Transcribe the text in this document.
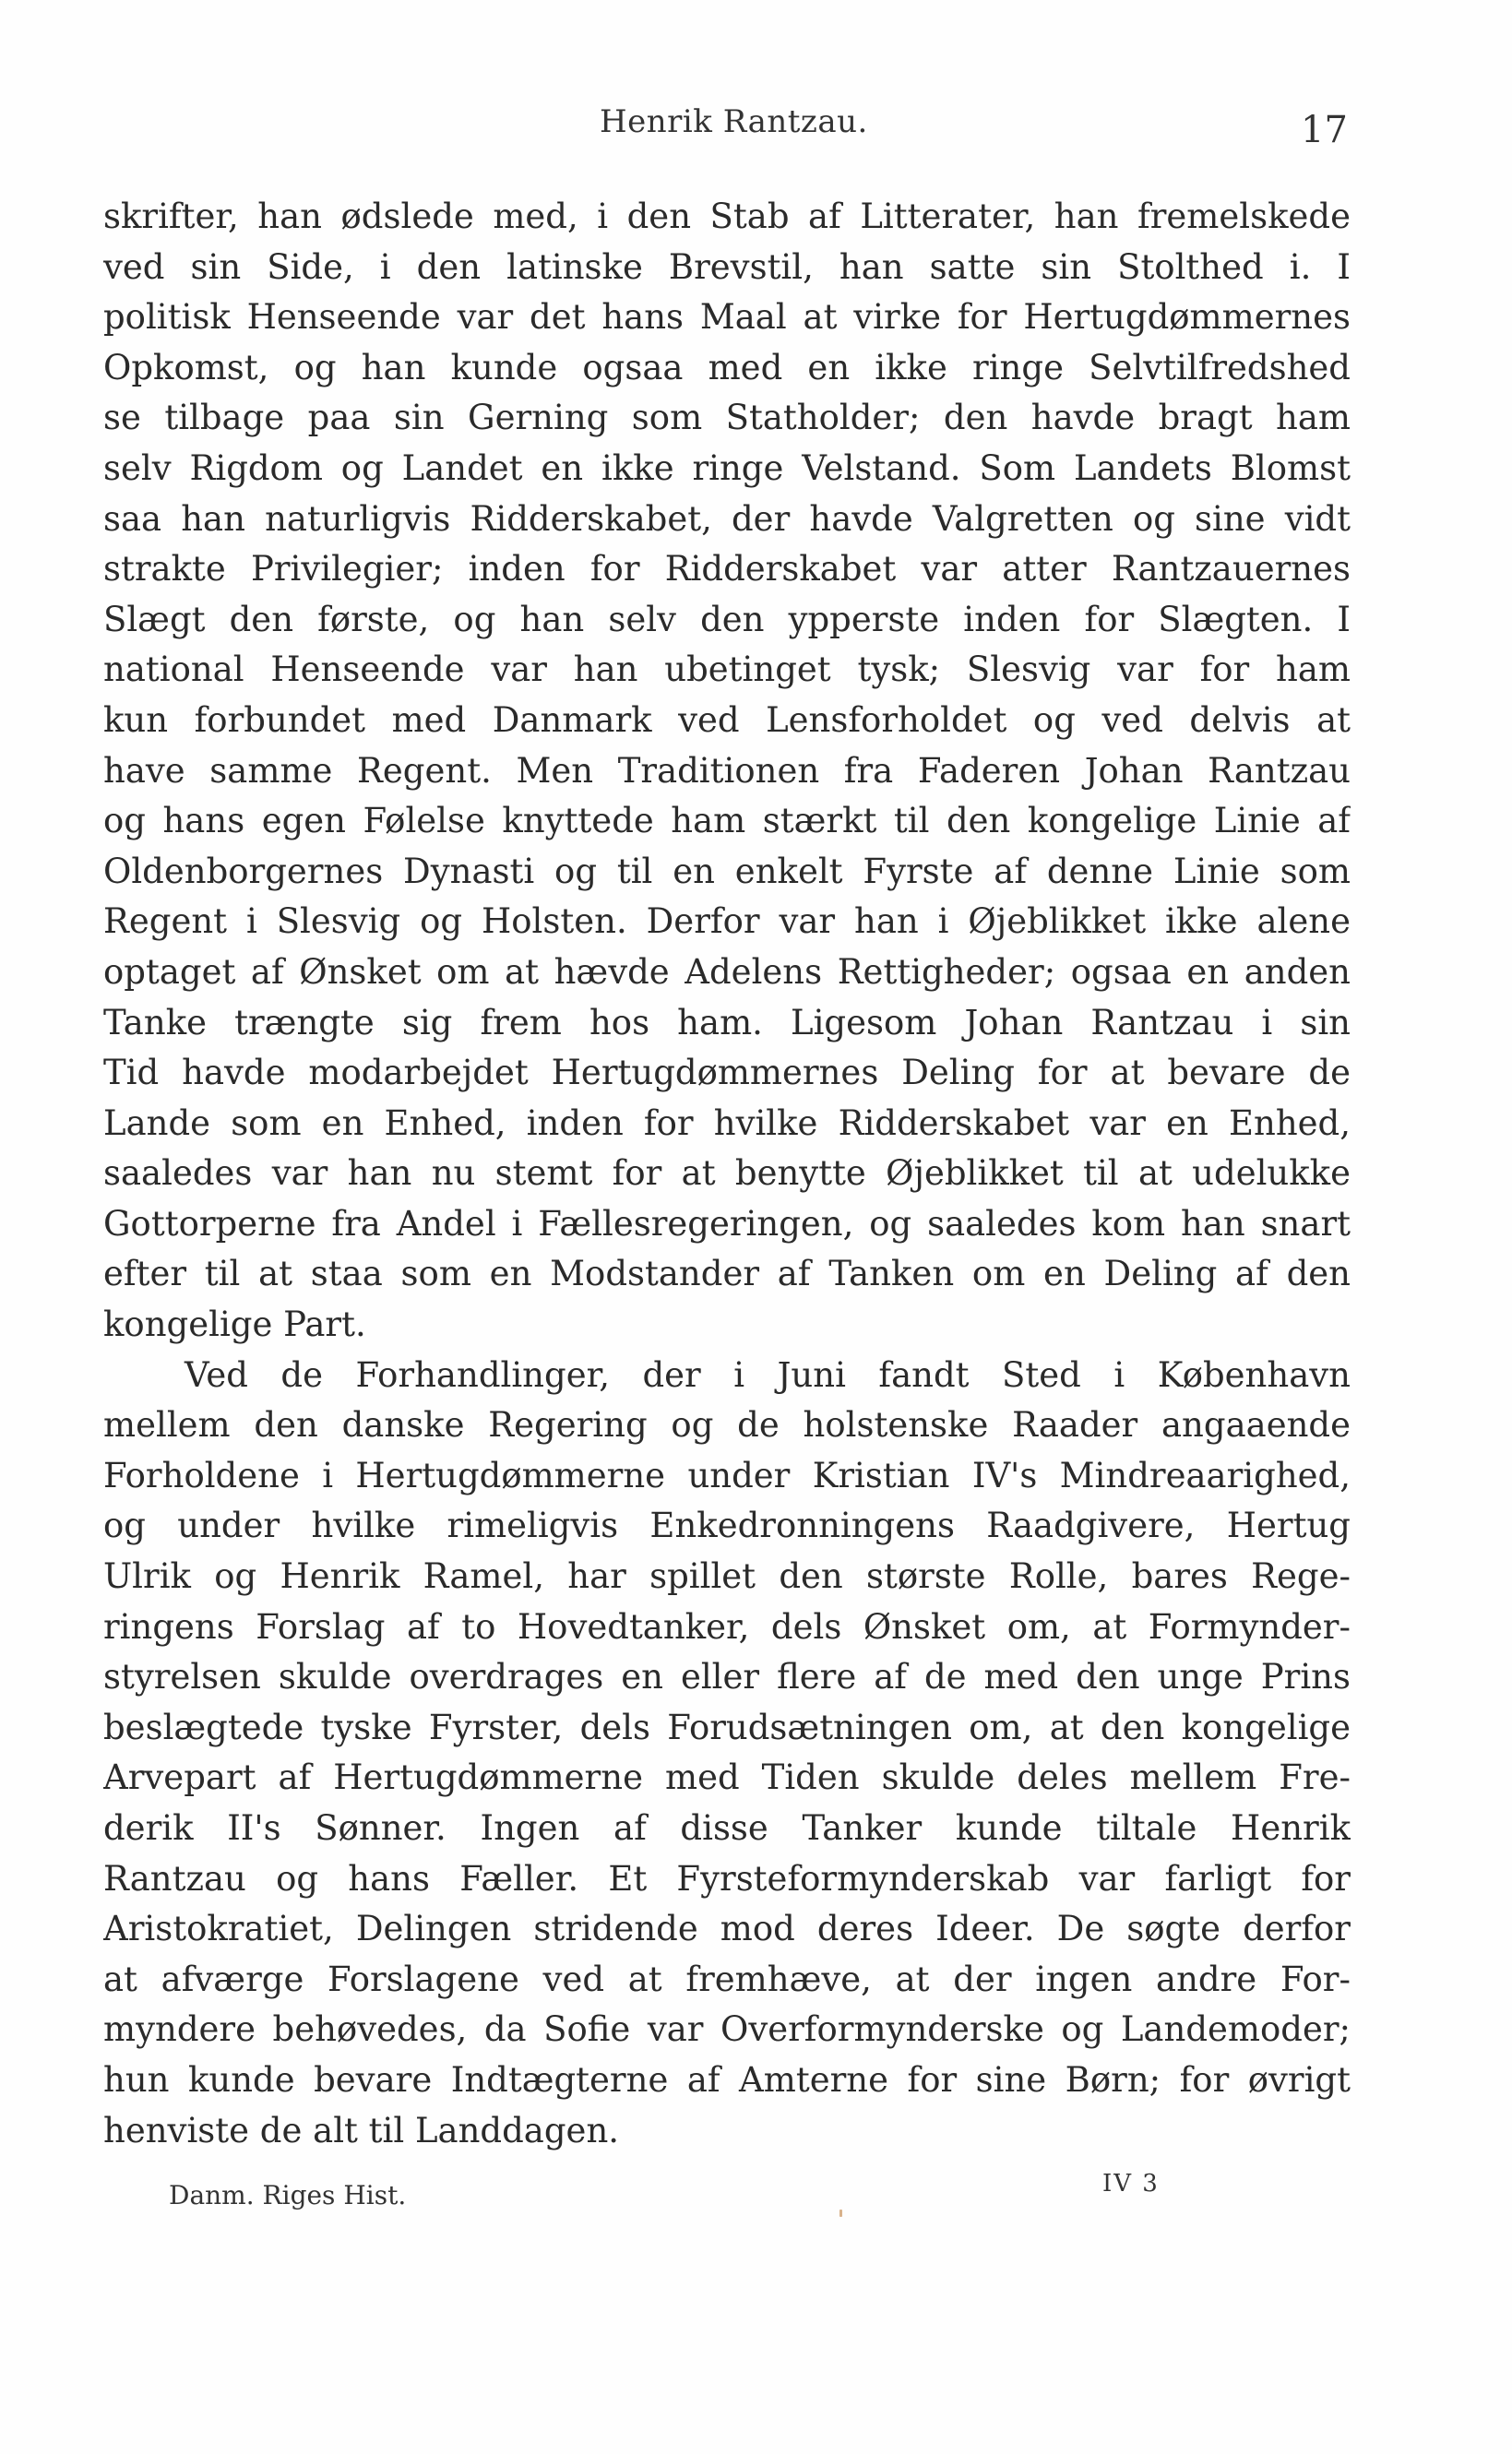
Henrik Rantzau.	17
skrifter, han ødslede med, i den Stab af Litterater, han fremelskede
ved sin Side, i den latinske Brevstil, han satte sin Stolthed i. I
politisk Henseende var det hans Maal at virke for Hertugdømmernes
Opkomst, og han kunde ogsaa med en ikke ringe Selvtilfredshed
se tilbage paa sin Gerning som Statholder; den havde bragt ham
selv Rigdom og Landet en ikke ringe Velstand. Som Landets Blomst
saa han naturligvis Ridderskabet, der havde Valgretten og sine vidt
strakte Privilegier; inden for Ridderskabet var atter Rantzauernes
Slægt den første, og han selv den ypperste inden for Slægten. I
national Henseende var han ubetinget tysk; Slesvig var for ham
kun forbundet med Danmark ved Lensforholdet og ved delvis at
have samme Regent. Men Traditionen fra Faderen Johan Rantzau
og hans egen Følelse knyttede ham stærkt til den kongelige Linie af
Oldenborgernes Dynasti og til en enkelt Fyrste af denne Linie som
Regent i Slesvig og Holsten. Derfor var han i Øjeblikket ikke alene
optaget af Ønsket om at hævde Adelens Rettigheder; ogsaa en anden
Tanke trængte sig frem hos ham. Ligesom Johan Rantzau i sin
Tid havde modarbejdet Hertugdømmernes Deling for at bevare de
Lande som en Enhed, inden for hvilke Ridderskabet var en Enhed,
saaledes var han nu stemt for at benytte Øjeblikket til at udelukke
Gottorperne fra Andel i Fællesregeringen, og saaledes kom han snart
efter til at staa som en Modstander af Tanken om en Deling af den
kongelige Part.
Ved de Forhandlinger, der i Juni fandt Sted i København
mellem den danske Regering og de holstenske Raader angaaende
Forholdene i Hertugdømmerne under Kristian IV's Mindreaarighed,
og under hvilke rimeligvis Enkedronningens Raadgivere, Hertug
Ulrik og Henrik Ramel, har spillet den største Rolle, bares Rege-
ringens Forslag af to Hovedtanker, dels Ønsket om, at Formynder-
styrelsen skulde overdrages en eller flere af de med den unge Prins
beslægtede tyske Fyrster, dels Forudsætningen om, at den kongelige
Arvepart af Hertugdømmerne med Tiden skulde deles mellem Fre-
derik II's Sønner. Ingen af disse Tanker kunde tiltale Henrik
Rantzau og hans Fæller. Et Fyrsteformynderskab var farligt for
Aristokratiet, Delingen stridende mod deres Ideer. De søgte derfor
at afværge Forslagene ved at fremhæve, at der ingen andre For-
myndere behøvedes, da Sofie var Overformynderske og Landemoder;
hun kunde bevare Indtægterne af Amterne for sine Børn; for øvrigt
henviste de alt til Landdagen.
Danm. Riges Hist.	IV 3
